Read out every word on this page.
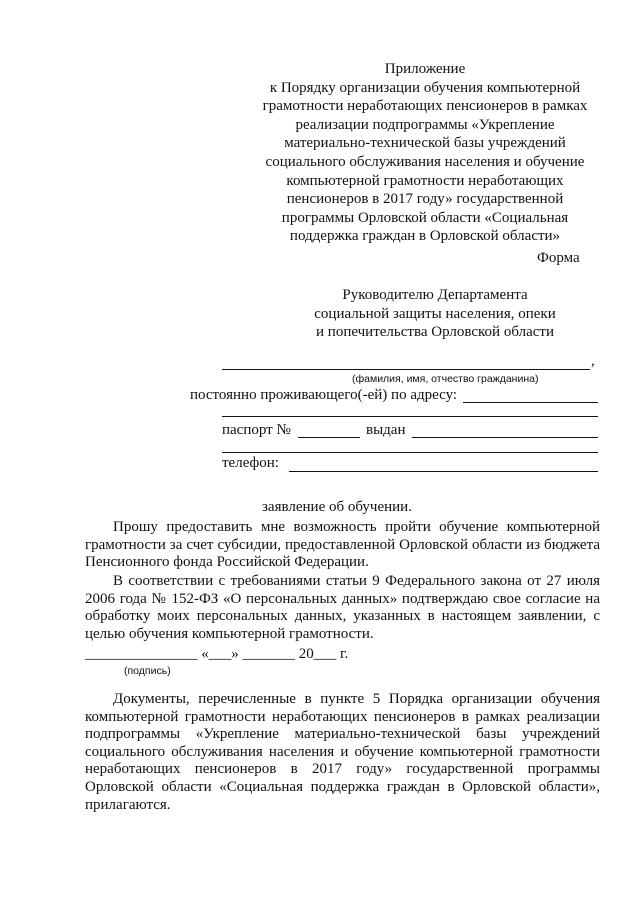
Приложение
к Порядку организации обучения компьютерной
грамотности неработающих пенсионеров в рамках
реализации подпрограммы «Укрепление
материально-технической базы учреждений
социального обслуживания населения и обучение
компьютерной грамотности неработающих
пенсионеров в 2017 году» государственной
программы Орловской области «Социальная
поддержка граждан в Орловской области»
Форма
Руководителю Департамента
социальной защиты населения, опеки
и попечительства Орловской области
,
(фамилия, имя, отчество гражданина)
постоянно проживающего(-ей) по адресу:
паспорт №	выдан
телефон:
заявление об обучении.
Прошу предоставить мне возможность пройти обучение компьютерной грамотности за счет субсидии, предоставленной Орловской области из бюджета Пенсионного фонда Российской Федерации.
В соответствии с требованиями статьи 9 Федерального закона от 27 июля 2006 года № 152-ФЗ «О персональных данных» подтверждаю свое согласие на обработку моих персональных данных, указанных в настоящем заявлении, с целью обучения компьютерной грамотности.
_______________ «___» _______ 20___ г.
(подпись)
Документы, перечисленные в пункте 5 Порядка организации обучения компьютерной грамотности неработающих пенсионеров в рамках реализации подпрограммы «Укрепление материально-технической базы учреждений социального обслуживания населения и обучение компьютерной грамотности неработающих пенсионеров в 2017 году» государственной программы Орловской области «Социальная поддержка граждан в Орловской области», прилагаются.
